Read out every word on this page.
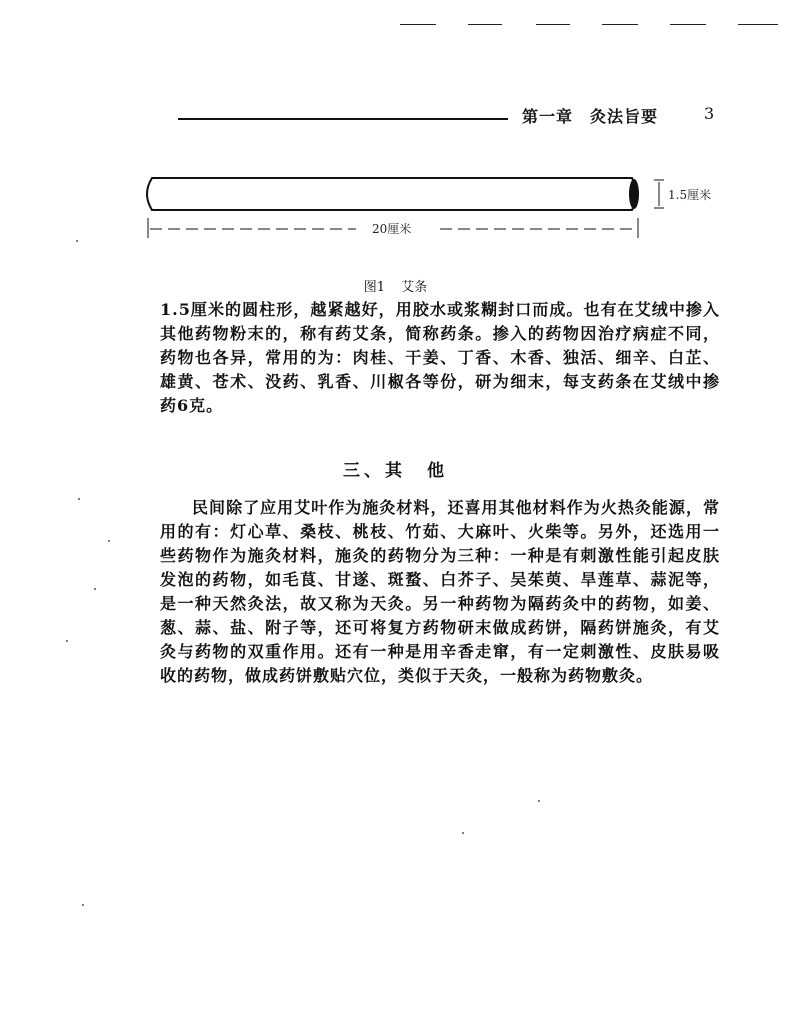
第一章　灸法旨要	3
1.5厘米
20厘米
图1 艾条

1.5厘米的圆柱形，越紧越好，用胶水或浆糊封口而成。也有在艾绒中掺入其他药物粉末的，称有药艾条，简称药条。掺入的药物因治疗病症不同，药物也各异，常用的为：肉桂、干姜、丁香、木香、独活、细辛、白芷、雄黄、苍术、没药、乳香、川椒各等份，研为细末，每支药条在艾绒中掺药6克。

三、其　他

民间除了应用艾叶作为施灸材料，还喜用其他材料作为火热灸能源，常用的有：灯心草、桑枝、桃枝、竹茹、大麻叶、火柴等。另外，还选用一些药物作为施灸材料，施灸的药物分为三种：一种是有刺激性能引起皮肤发泡的药物，如毛茛、甘遂、斑蝥、白芥子、吴茱萸、旱莲草、蒜泥等，是一种天然灸法，故又称为天灸。另一种药物为隔药灸中的药物，如姜、葱、蒜、盐、附子等，还可将复方药物研末做成药饼，隔药饼施灸，有艾灸与药物的双重作用。还有一种是用辛香走窜，有一定刺激性、皮肤易吸收的药物，做成药饼敷贴穴位，类似于天灸，一般称为药物敷灸。
